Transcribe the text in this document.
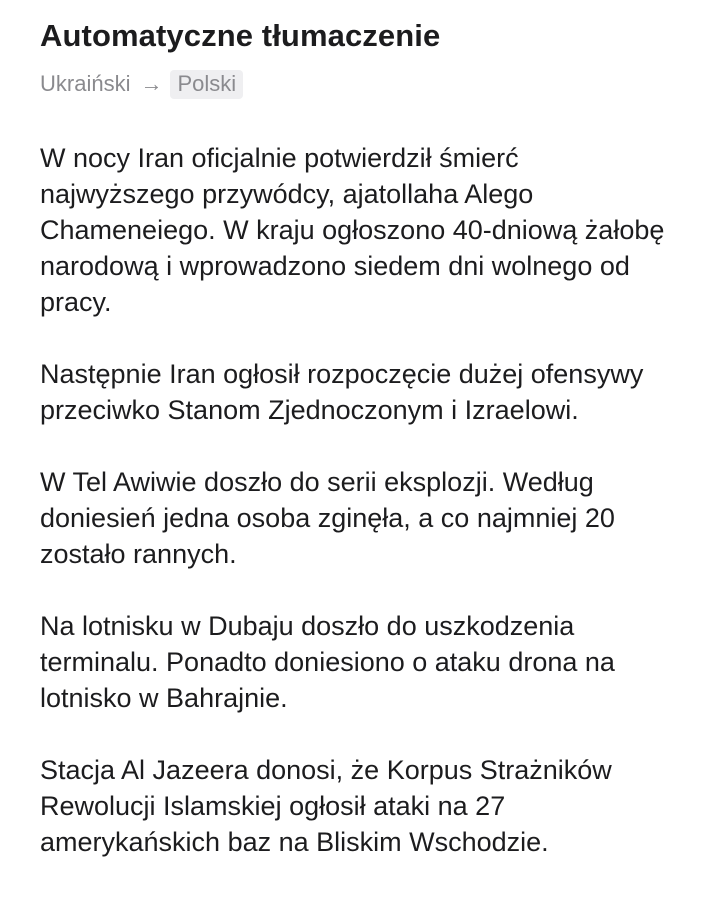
Automatyczne tłumaczenie
Ukraiński → Polski

W nocy Iran oficjalnie potwierdził śmierć najwyższego przywódcy, ajatollaha Alego Chameneiego. W kraju ogłoszono 40-dniową żałobę narodową i wprowadzono siedem dni wolnego od pracy.

Następnie Iran ogłosił rozpoczęcie dużej ofensywy przeciwko Stanom Zjednoczonym i Izraelowi.

W Tel Awiwie doszło do serii eksplozji. Według doniesień jedna osoba zginęła, a co najmniej 20 zostało rannych.

Na lotnisku w Dubaju doszło do uszkodzenia terminalu. Ponadto doniesiono o ataku drona na lotnisko w Bahrajnie.

Stacja Al Jazeera donosi, że Korpus Strażników Rewolucji Islamskiej ogłosił ataki na 27 amerykańskich baz na Bliskim Wschodzie.
